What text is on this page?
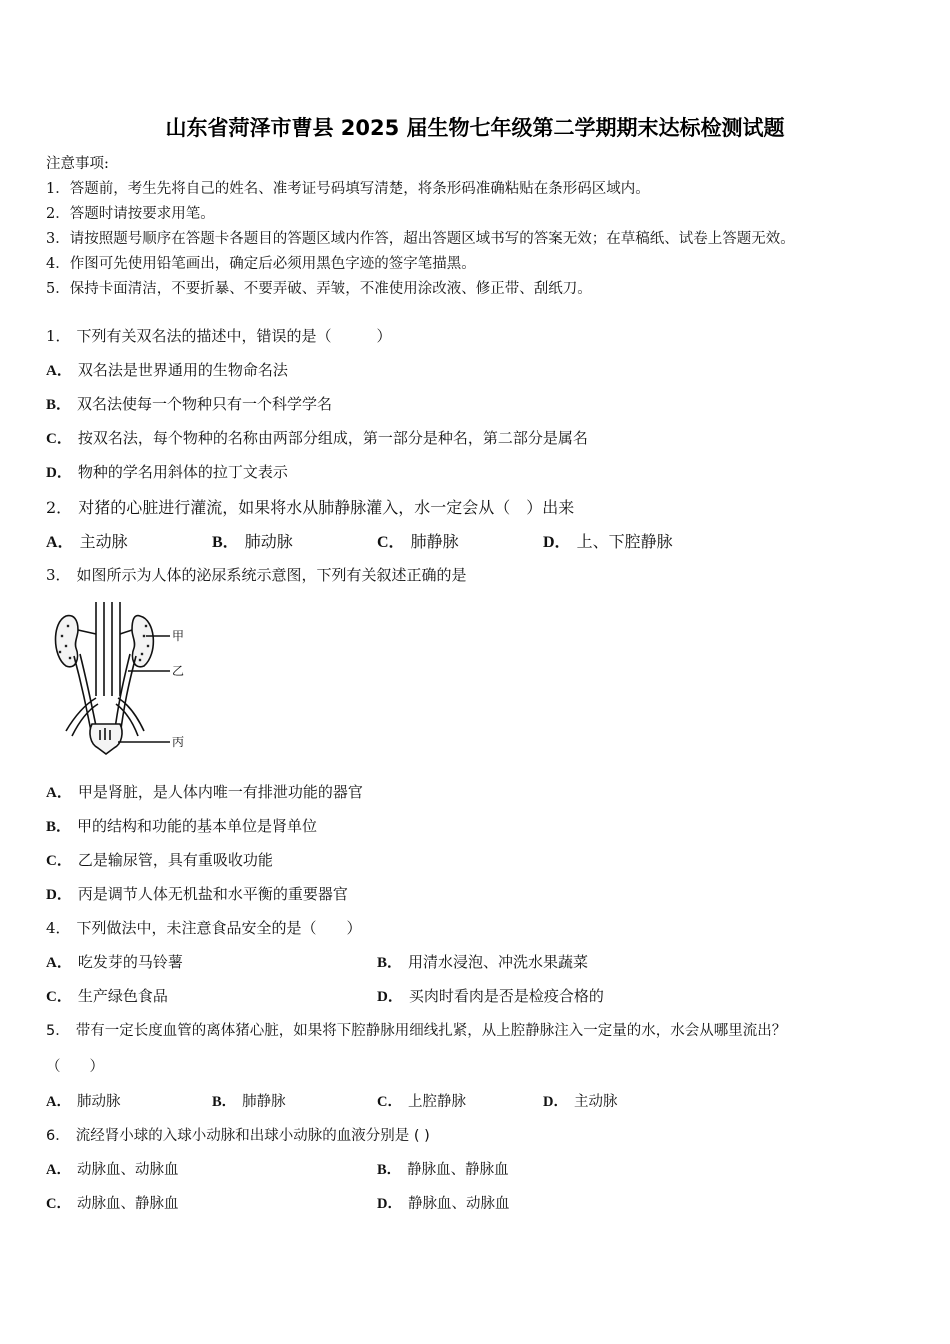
山东省菏泽市曹县 2025 届生物七年级第二学期期末达标检测试题
注意事项:
1．答题前，考生先将自己的姓名、准考证号码填写清楚，将条形码准确粘贴在条形码区域内。
2．答题时请按要求用笔。
3．请按照题号顺序在答题卡各题目的答题区域内作答，超出答题区域书写的答案无效；在草稿纸、试卷上答题无效。
4．作图可先使用铅笔画出，确定后必须用黑色字迹的签字笔描黑。
5．保持卡面清洁，不要折暴、不要弄破、弄皱，不准使用涂改液、修正带、刮纸刀。
1． 下列有关双名法的描述中，错误的是（　　　）
A． 双名法是世界通用的生物命名法
B． 双名法使每一个物种只有一个科学学名
C． 按双名法，每个物种的名称由两部分组成，第一部分是种名，第二部分是属名
D． 物种的学名用斜体的拉丁文表示
2． 对猪的心脏进行灌流，如果将水从肺静脉灌入，水一定会从（　）出来
A． 主动脉	B． 肺动脉	C． 肺静脉	D． 上、下腔静脉
3． 如图所示为人体的泌尿系统示意图，下列有关叙述正确的是
甲
乙
丙
A． 甲是肾脏，是人体内唯一有排泄功能的器官
B． 甲的结构和功能的基本单位是肾单位
C． 乙是输尿管，具有重吸收功能
D． 丙是调节人体无机盐和水平衡的重要器官
4． 下列做法中，未注意食品安全的是（　　）
A． 吃发芽的马铃薯	B． 用清水浸泡、冲洗水果蔬菜
C． 生产绿色食品	D． 买肉时看肉是否是检疫合格的
5． 带有一定长度血管的离体猪心脏，如果将下腔静脉用细线扎紧，从上腔静脉注入一定量的水，水会从哪里流出？
（　　）
A． 肺动脉	B． 肺静脉	C． 上腔静脉	D． 主动脉
6． 流经肾小球的入球小动脉和出球小动脉的血液分别是 ( )
A． 动脉血、动脉血	B． 静脉血、静脉血
C． 动脉血、静脉血	D． 静脉血、动脉血
